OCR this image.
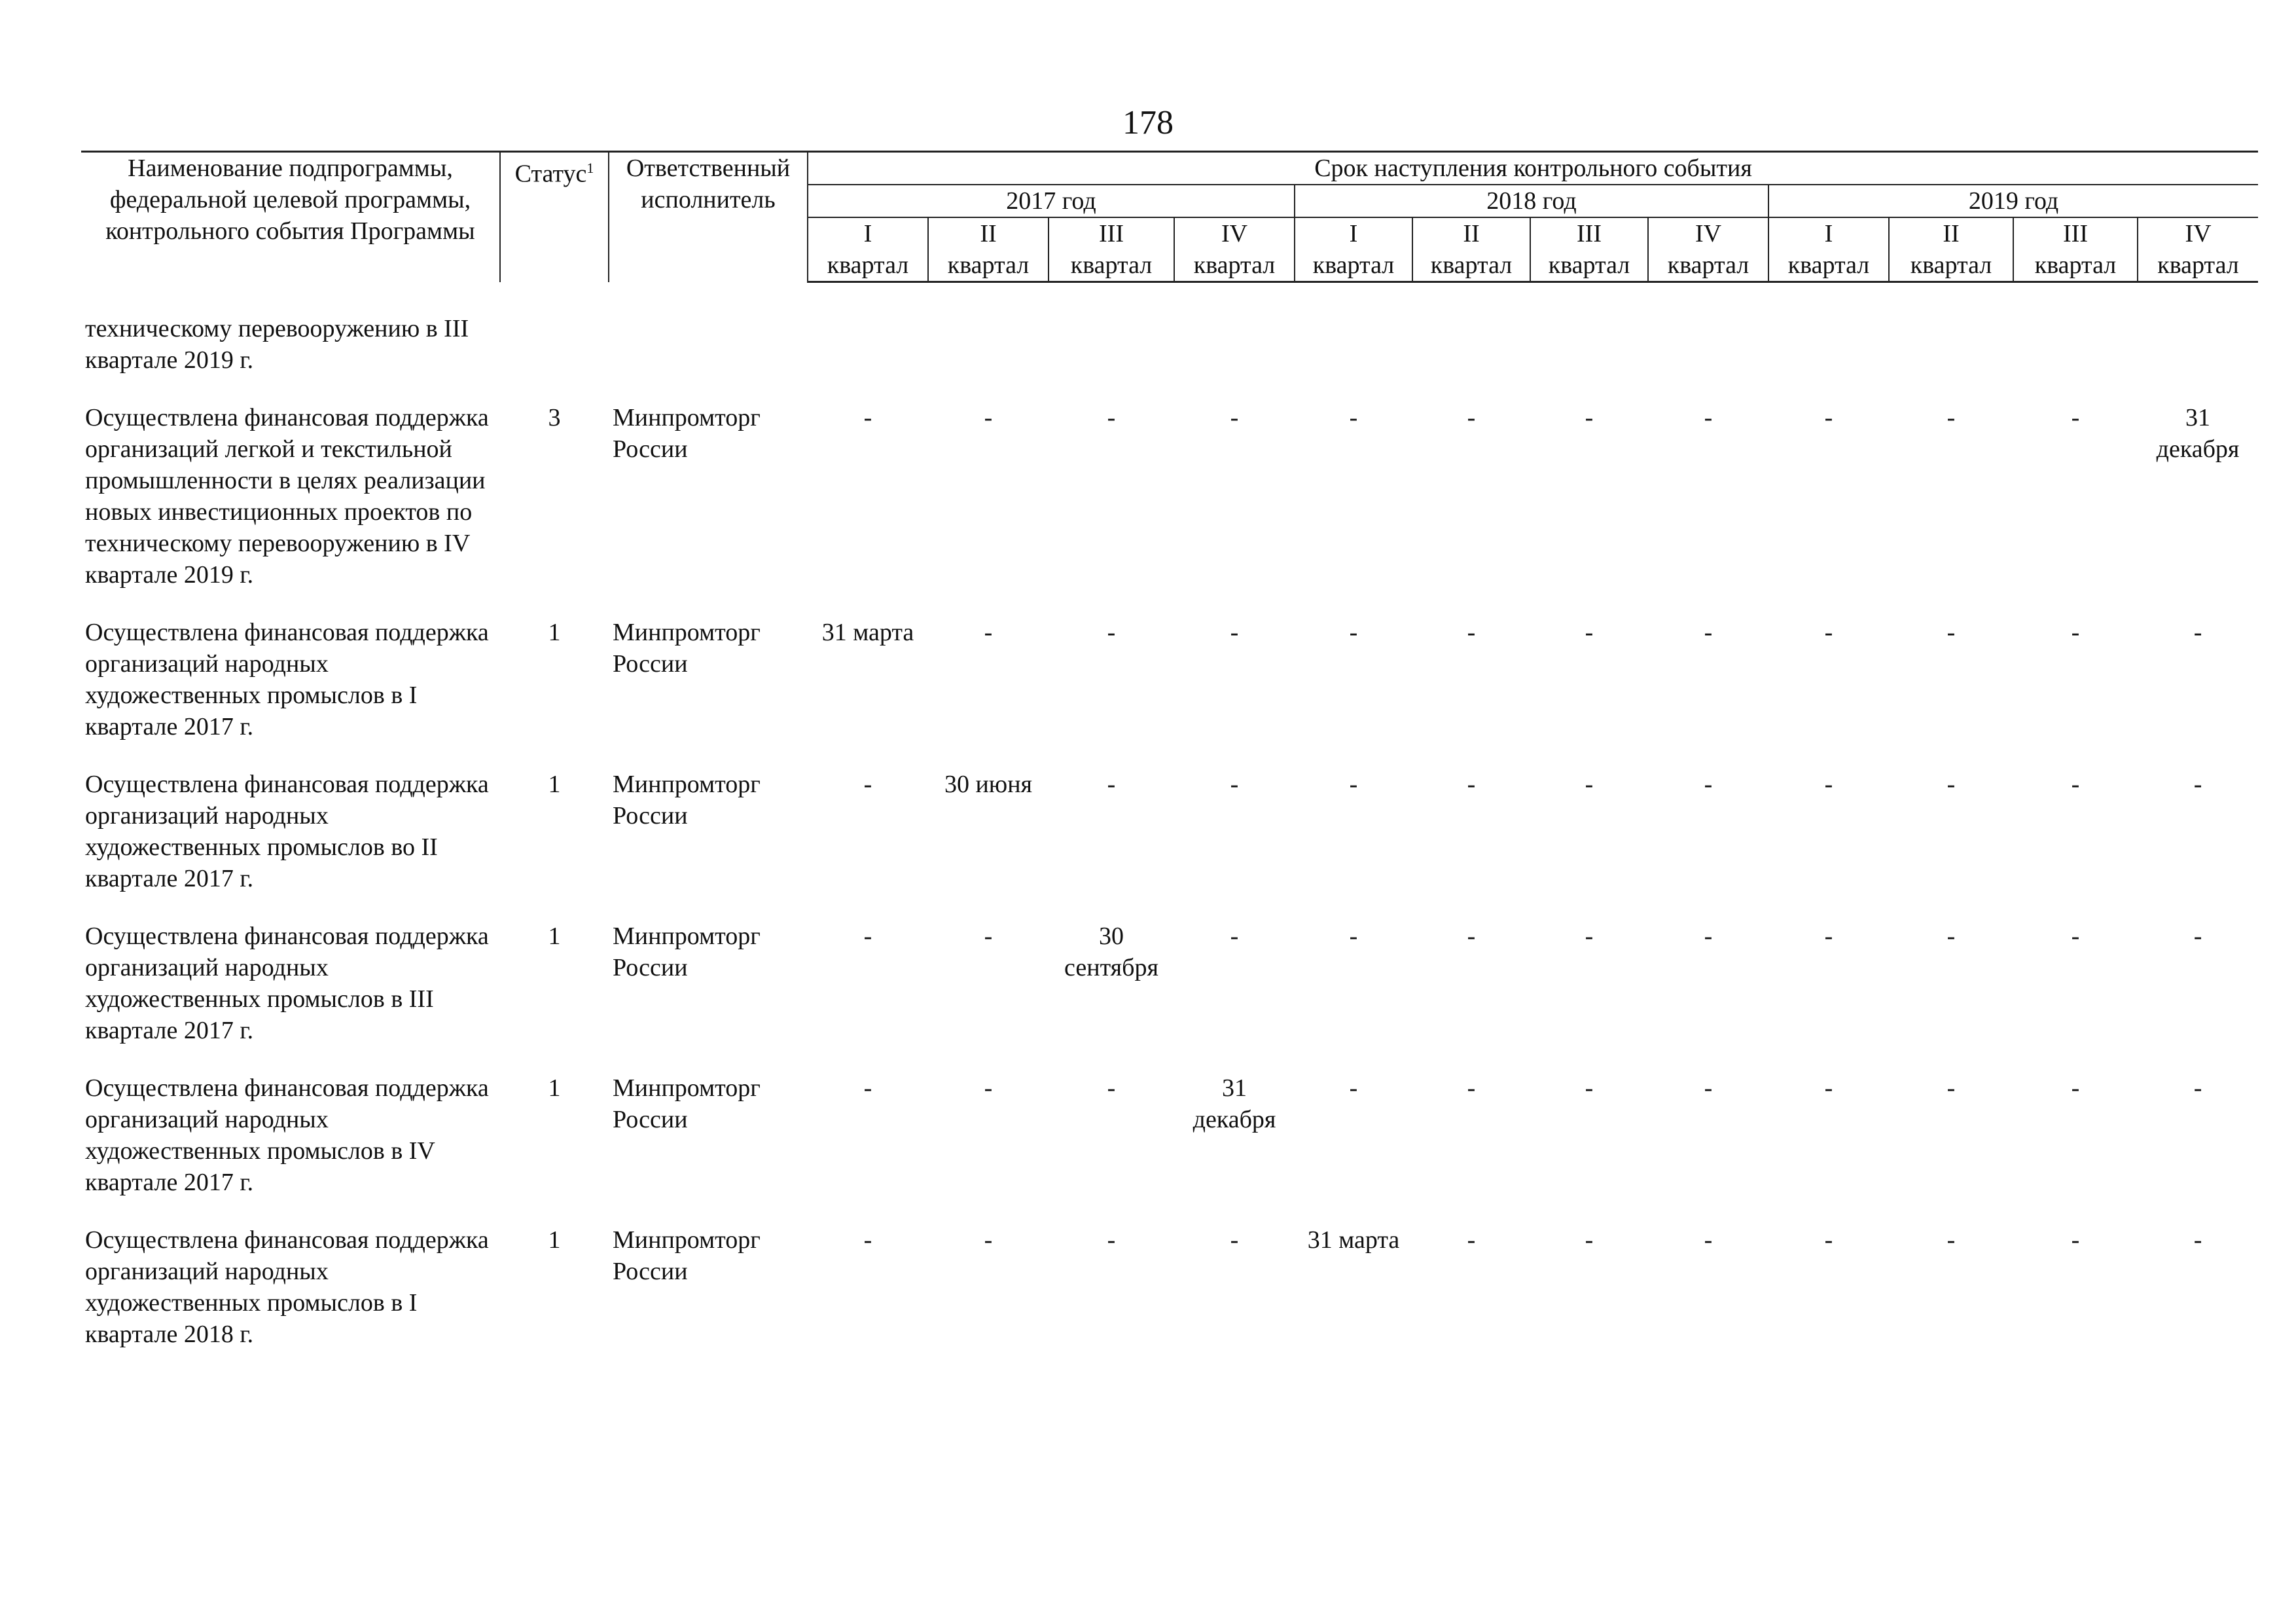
178
Наименование подпрограммы, федеральной целевой программы, контрольного события Программы	Статус$^1$	Ответственный исполнитель	Срок наступления контрольного события											
			2017 год				2018 год				2019 год			
			I	II	III	IV	I	II	III	IV	I	II	III	IV
			квартал	квартал	квартал	квартал	квартал	квартал	квартал	квартал	квартал	квартал	квартал	квартал

техническому перевооружению в III квартале 2019 г.														
Осуществлена финансовая поддержка организаций легкой и текстильной промышленности в целях реализации новых инвестиционных проектов по техническому перевооружению в IV квартале 2019 г.	3	Минпромторг России	-	-	-	-	-	-	-	-	-	-	-	31 декабря
Осуществлена финансовая поддержка организаций народных художественных промыслов в I квартале 2017 г.	1	Минпромторг России	31 марта	-	-	-	-	-	-	-	-	-	-	-
Осуществлена финансовая поддержка организаций народных художественных промыслов во II квартале 2017 г.	1	Минпромторг России	-	30 июня	-	-	-	-	-	-	-	-	-	-
Осуществлена финансовая поддержка организаций народных художественных промыслов в III квартале 2017 г.	1	Минпромторг России	-	-	30 сентября	-	-	-	-	-	-	-	-	-
Осуществлена финансовая поддержка организаций народных художественных промыслов в IV квартале 2017 г.	1	Минпромторг России	-	-	-	31 декабря	-	-	-	-	-	-	-	-
Осуществлена финансовая поддержка организаций народных художественных промыслов в I квартале 2018 г.	1	Минпромторг России	-	-	-	-	31 марта	-	-	-	-	-	-	-
